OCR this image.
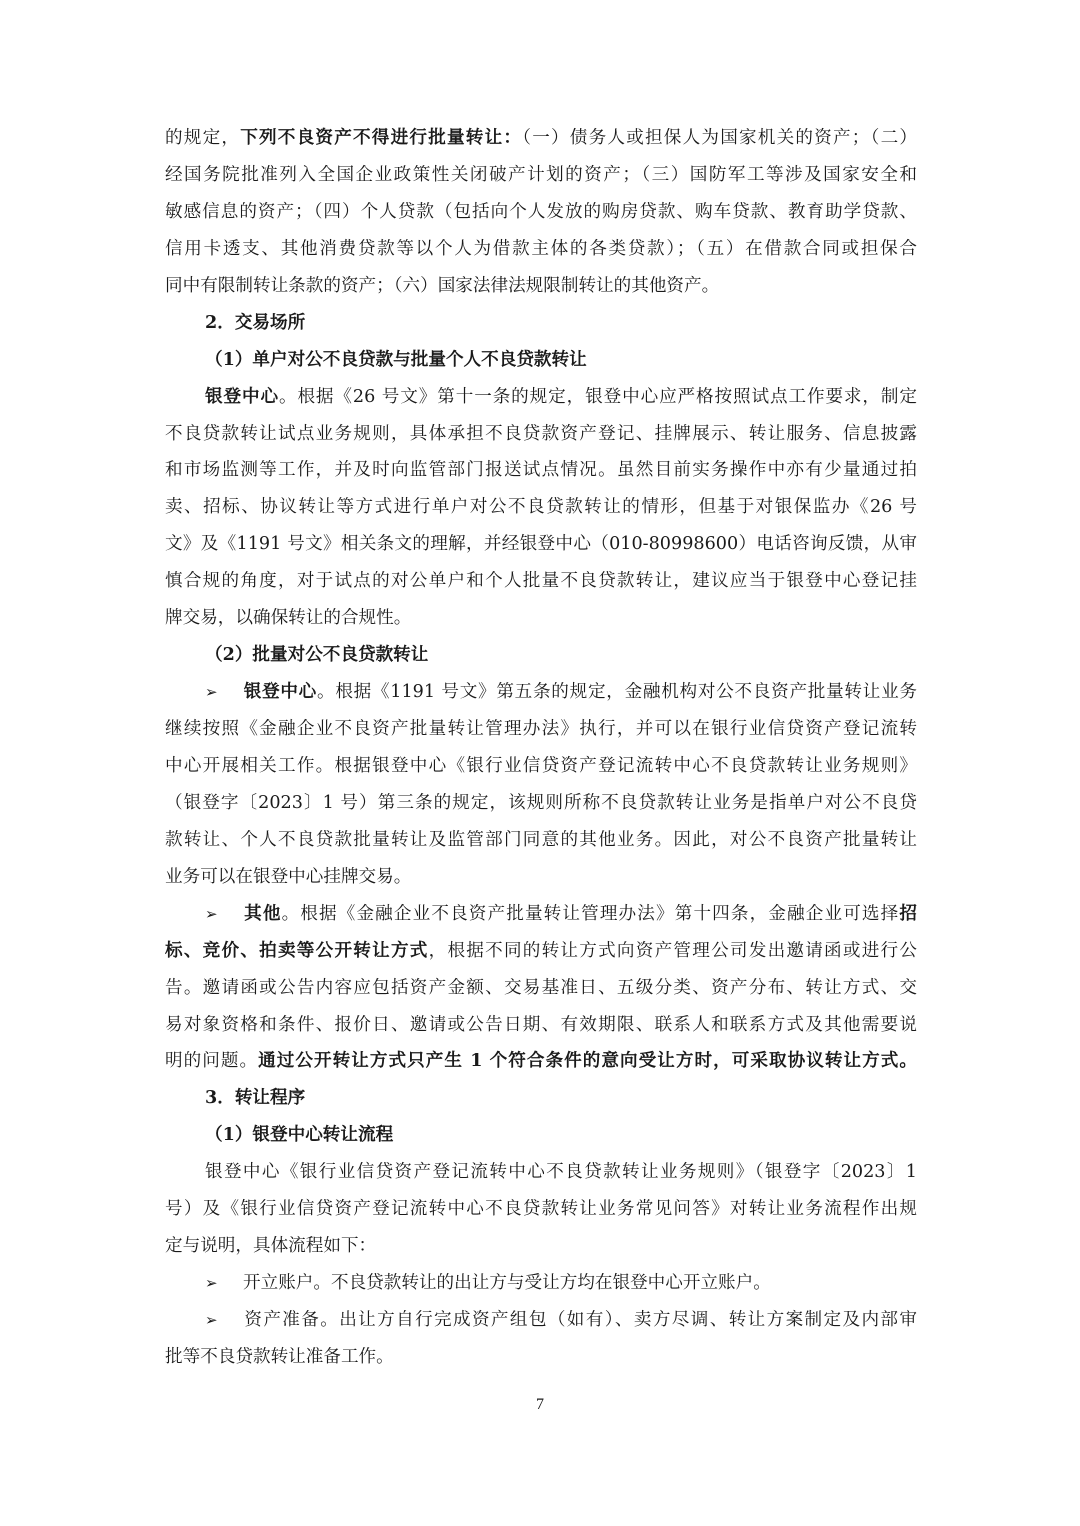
的规定，下列不良资产不得进行批量转让：（一）债务人或担保人为国家机关的资产；（二）
经国务院批准列入全国企业政策性关闭破产计划的资产；（三）国防军工等涉及国家安全和
敏感信息的资产；（四）个人贷款（包括向个人发放的购房贷款、购车贷款、教育助学贷款、
信用卡透支、其他消费贷款等以个人为借款主体的各类贷款）；（五）在借款合同或担保合
同中有限制转让条款的资产；（六）国家法律法规限制转让的其他资产。
2．交易场所
（1）单户对公不良贷款与批量个人不良贷款转让
银登中心。根据《26 号文》第十一条的规定，银登中心应严格按照试点工作要求，制定
不良贷款转让试点业务规则，具体承担不良贷款资产登记、挂牌展示、转让服务、信息披露
和市场监测等工作，并及时向监管部门报送试点情况。虽然目前实务操作中亦有少量通过拍
卖、招标、协议转让等方式进行单户对公不良贷款转让的情形，但基于对银保监办《26 号
文》及《1191 号文》相关条文的理解，并经银登中心（010-80998600）电话咨询反馈，从审
慎合规的角度，对于试点的对公单户和个人批量不良贷款转让，建议应当于银登中心登记挂
牌交易，以确保转让的合规性。
（2）批量对公不良贷款转让
➢ 银登中心。根据《1191 号文》第五条的规定，金融机构对公不良资产批量转让业务
继续按照《金融企业不良资产批量转让管理办法》执行，并可以在银行业信贷资产登记流转
中心开展相关工作。根据银登中心《银行业信贷资产登记流转中心不良贷款转让业务规则》
（银登字〔2023〕1 号）第三条的规定，该规则所称不良贷款转让业务是指单户对公不良贷
款转让、个人不良贷款批量转让及监管部门同意的其他业务。因此，对公不良资产批量转让
业务可以在银登中心挂牌交易。
➢ 其他。根据《金融企业不良资产批量转让管理办法》第十四条，金融企业可选择招
标、竞价、拍卖等公开转让方式，根据不同的转让方式向资产管理公司发出邀请函或进行公
告。邀请函或公告内容应包括资产金额、交易基准日、五级分类、资产分布、转让方式、交
易对象资格和条件、报价日、邀请或公告日期、有效期限、联系人和联系方式及其他需要说
明的问题。通过公开转让方式只产生 1 个符合条件的意向受让方时，可采取协议转让方式。
3．转让程序
（1）银登中心转让流程
银登中心《银行业信贷资产登记流转中心不良贷款转让业务规则》（银登字〔2023〕1
号）及《银行业信贷资产登记流转中心不良贷款转让业务常见问答》对转让业务流程作出规
定与说明，具体流程如下：
➢ 开立账户。不良贷款转让的出让方与受让方均在银登中心开立账户。
➢ 资产准备。出让方自行完成资产组包（如有）、卖方尽调、转让方案制定及内部审
批等不良贷款转让准备工作。
7
